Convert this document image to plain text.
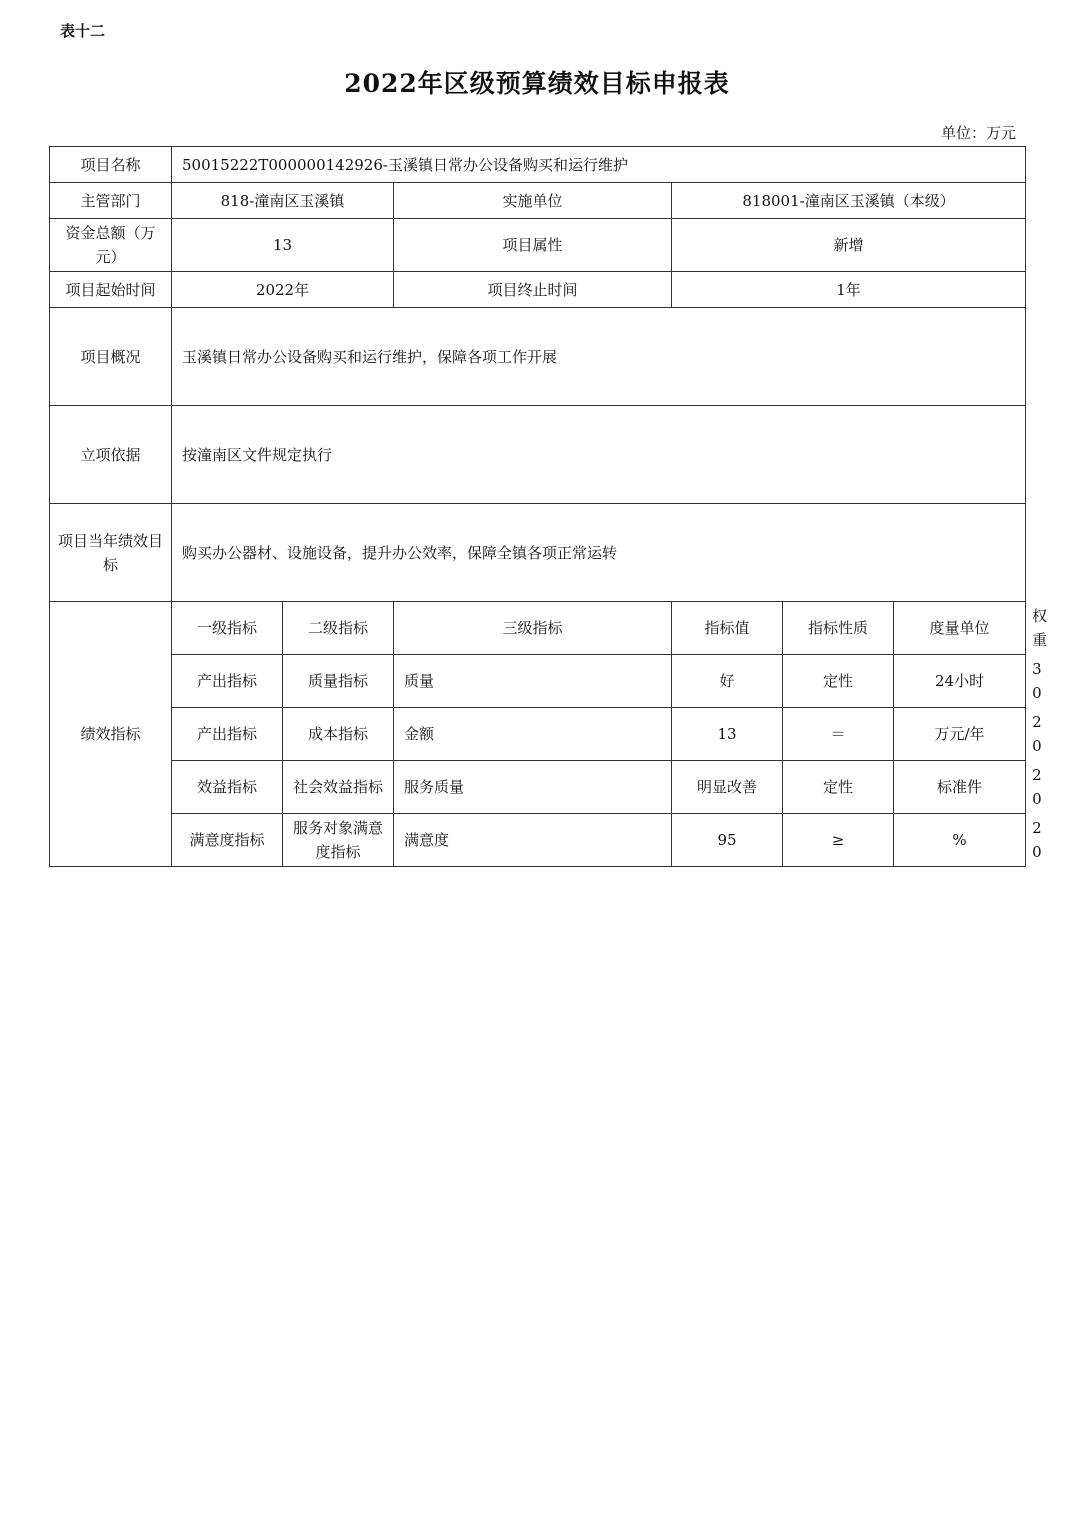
表十二
2022年区级预算绩效目标申报表
单位：万元
项目名称	50015222T000000142926-玉溪镇日常办公设备购买和运行维护						
主管部门	818-潼南区玉溪镇		实施单位	818001-潼南区玉溪镇（本级）			
资金总额（万元）	13		项目属性	新增			
项目起始时间	2022年		项目终止时间	1年			
项目概况	玉溪镇日常办公设备购买和运行维护，保障各项工作开展						
立项依据	按潼南区文件规定执行						
项目当年绩效目标	购买办公器材、设施设备，提升办公效率，保障全镇各项正常运转						
绩效指标	一级指标	二级指标	三级指标	指标值	指标性质	度量单位	权重
	产出指标	质量指标	质量	好	定性	24小时	30
	产出指标	成本指标	金额	13	＝	万元/年	20
	效益指标	社会效益指标	服务质量	明显改善	定性	标准件	20
	满意度指标	服务对象满意度指标	满意度	95	≥	%	20
